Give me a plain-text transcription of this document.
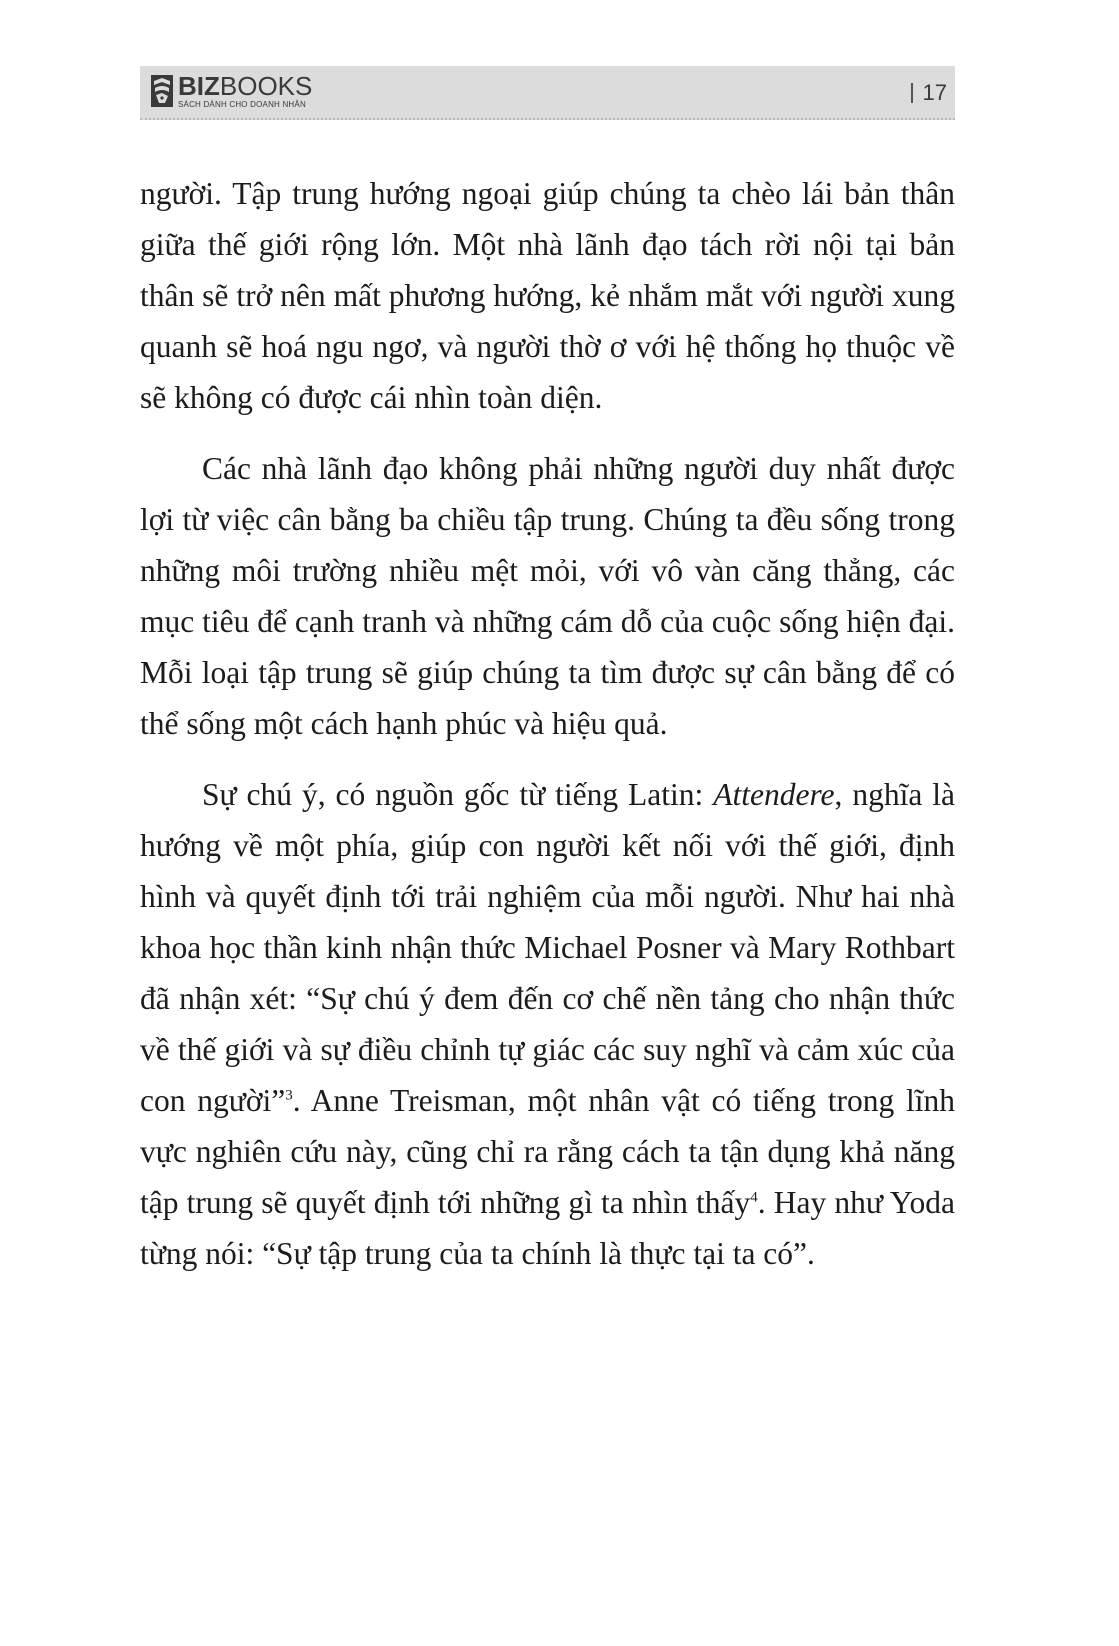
BIZBOOKS
SÁCH DÀNH CHO DOANH NHÂN	17

người. Tập trung hướng ngoại giúp chúng ta chèo lái bản thân giữa thế giới rộng lớn. Một nhà lãnh đạo tách rời nội tại bản thân sẽ trở nên mất phương hướng, kẻ nhắm mắt với người xung quanh sẽ hoá ngu ngơ, và người thờ ơ với hệ thống họ thuộc về sẽ không có được cái nhìn toàn diện.

Các nhà lãnh đạo không phải những người duy nhất được lợi từ việc cân bằng ba chiều tập trung. Chúng ta đều sống trong những môi trường nhiều mệt mỏi, với vô vàn căng thẳng, các mục tiêu để cạnh tranh và những cám dỗ của cuộc sống hiện đại. Mỗi loại tập trung sẽ giúp chúng ta tìm được sự cân bằng để có thể sống một cách hạnh phúc và hiệu quả.

Sự chú ý, có nguồn gốc từ tiếng Latin: Attendere, nghĩa là hướng về một phía, giúp con người kết nối với thế giới, định hình và quyết định tới trải nghiệm của mỗi người. Như hai nhà khoa học thần kinh nhận thức Michael Posner và Mary Rothbart đã nhận xét: “Sự chú ý đem đến cơ chế nền tảng cho nhận thức về thế giới và sự điều chỉnh tự giác các suy nghĩ và cảm xúc của con người”$^3$. Anne Treisman, một nhân vật có tiếng trong lĩnh vực nghiên cứu này, cũng chỉ ra rằng cách ta tận dụng khả năng tập trung sẽ quyết định tới những gì ta nhìn thấy$^4$. Hay như Yoda từng nói: “Sự tập trung của ta chính là thực tại ta có”.
